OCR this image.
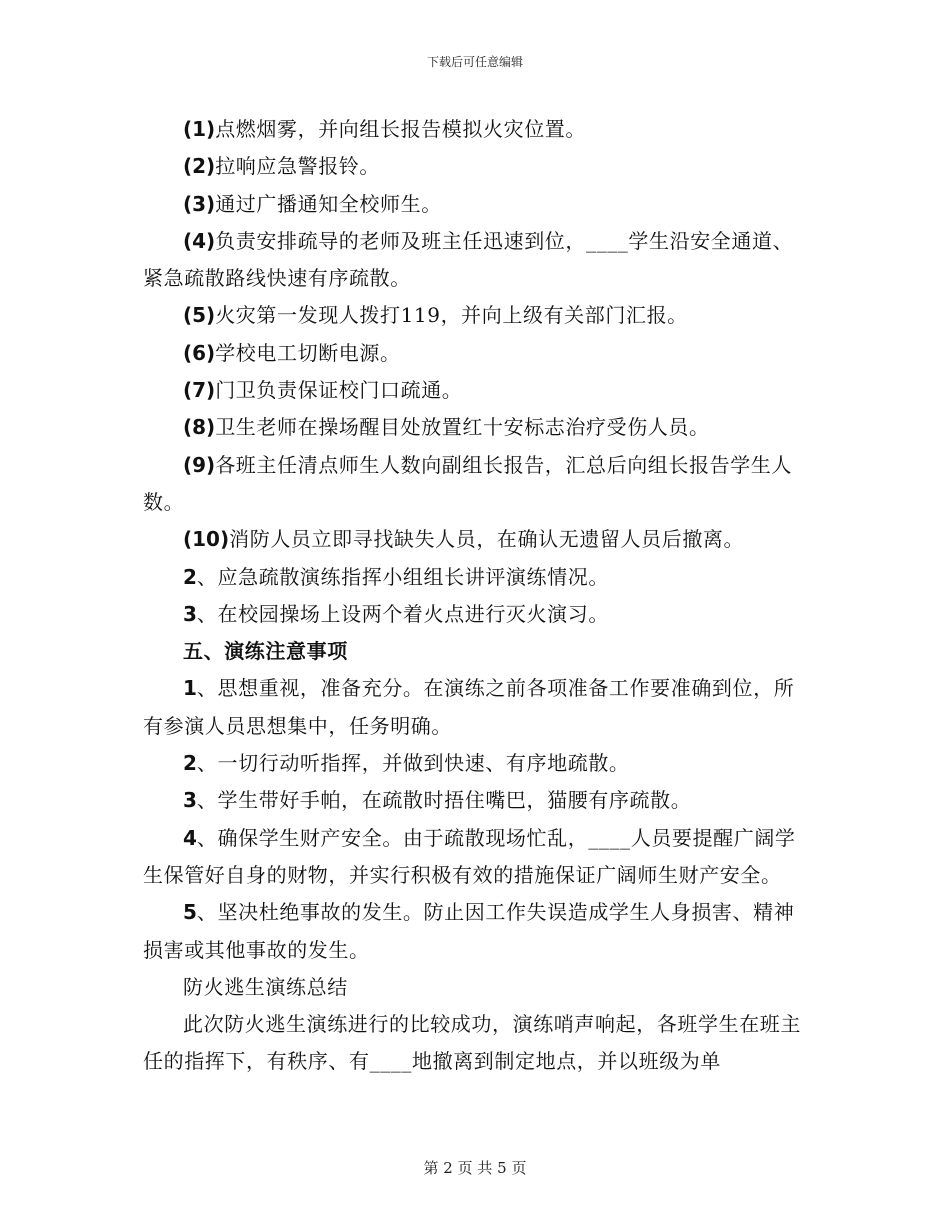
下载后可任意编辑

(1)点燃烟雾，并向组长报告模拟火灾位置。

(2)拉响应急警报铃。

(3)通过广播通知全校师生。

(4)负责安排疏导的老师及班主任迅速到位，____学生沿安全通道、紧急疏散路线快速有序疏散。

(5)火灾第一发现人拨打119，并向上级有关部门汇报。

(6)学校电工切断电源。

(7)门卫负责保证校门口疏通。

(8)卫生老师在操场醒目处放置红十安标志治疗受伤人员。

(9)各班主任清点师生人数向副组长报告，汇总后向组长报告学生人数。

(10)消防人员立即寻找缺失人员，在确认无遗留人员后撤离。

2、应急疏散演练指挥小组组长讲评演练情况。

3、在校园操场上设两个着火点进行灭火演习。

五、演练注意事项

1、思想重视，准备充分。在演练之前各项准备工作要准确到位，所有参演人员思想集中，任务明确。

2、一切行动听指挥，并做到快速、有序地疏散。

3、学生带好手帕，在疏散时捂住嘴巴，猫腰有序疏散。

4、确保学生财产安全。由于疏散现场忙乱，____人员要提醒广阔学生保管好自身的财物，并实行积极有效的措施保证广阔师生财产安全。

5、坚决杜绝事故的发生。防止因工作失误造成学生人身损害、精神损害或其他事故的发生。

防火逃生演练总结

此次防火逃生演练进行的比较成功，演练哨声响起，各班学生在班主任的指挥下，有秩序、有____地撤离到制定地点，并以班级为单

第 2 页 共 5 页
